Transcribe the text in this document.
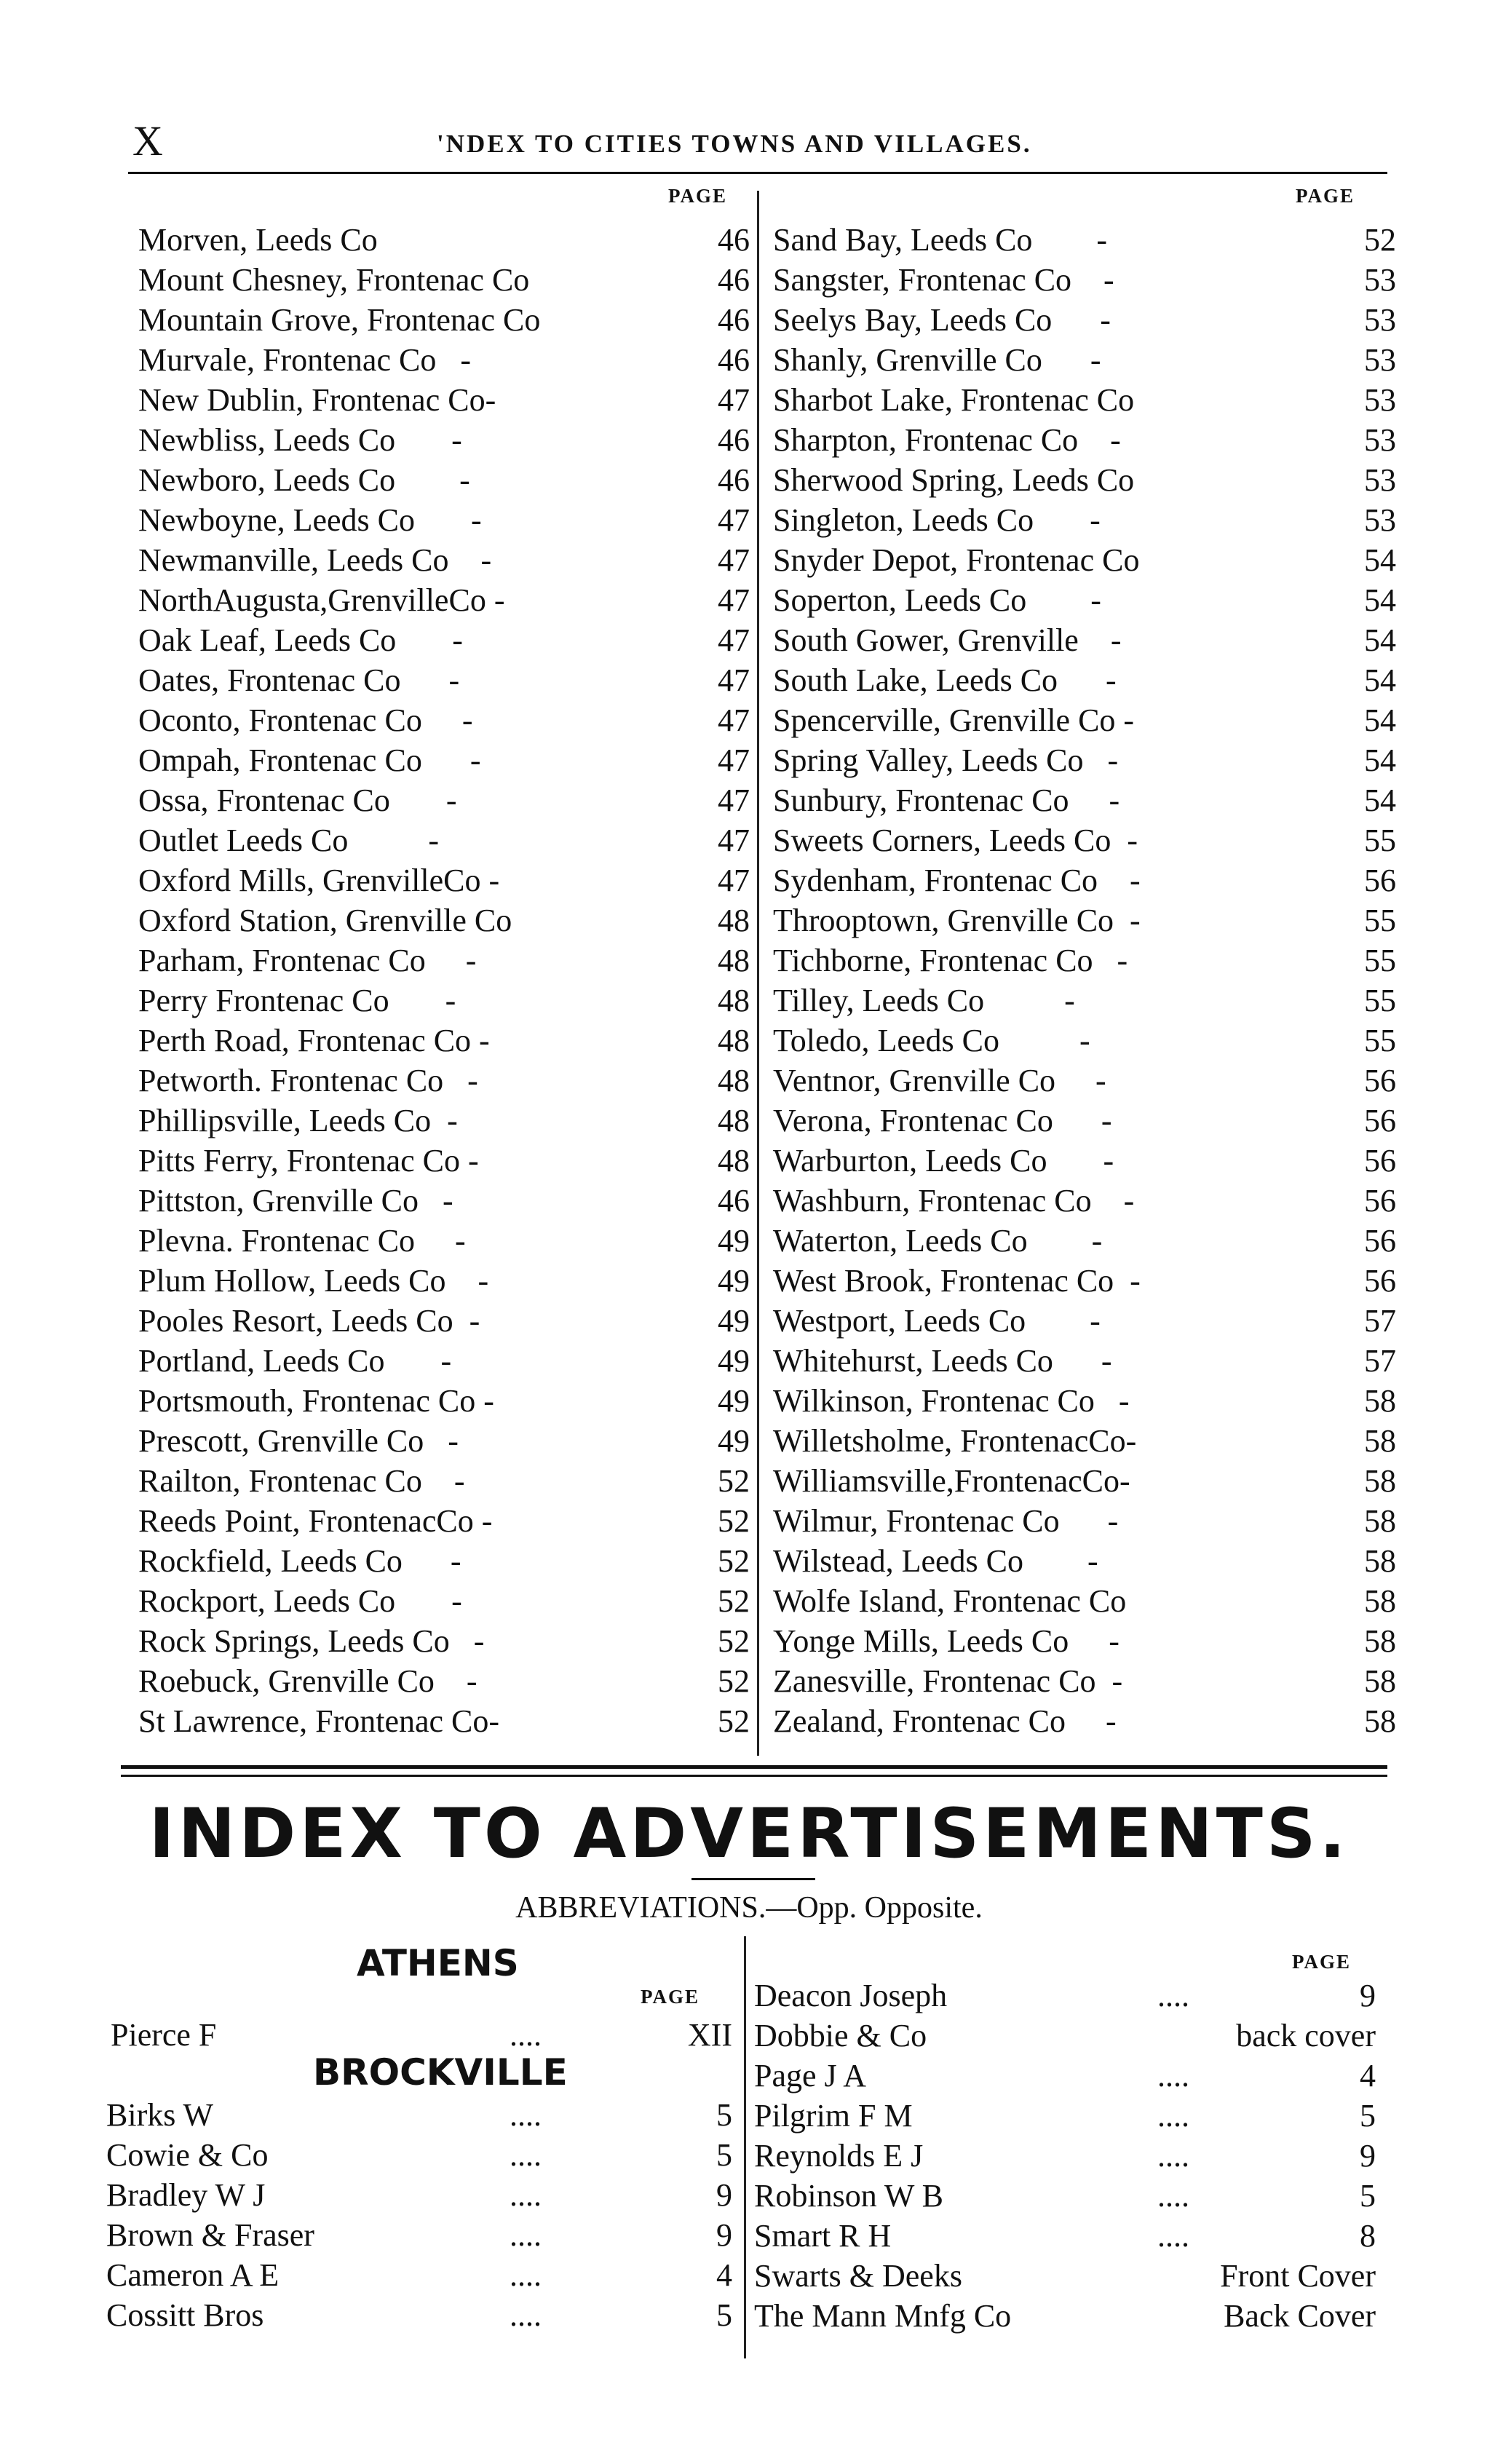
X	'NDEX TO CITIES TOWNS AND VILLAGES.
PAGE	PAGE
Morven, Leeds Co	46
Mount Chesney, Frontenac Co	46
Mountain Grove, Frontenac Co	46
Murvale, Frontenac Co   -	46
New Dublin, Frontenac Co-	47
Newbliss, Leeds Co       -	46
Newboro, Leeds Co        -	46
Newboyne, Leeds Co       -	47
Newmanville, Leeds Co    -	47
NorthAugusta,GrenvilleCo -	47
Oak Leaf, Leeds Co       -	47
Oates, Frontenac Co      -	47
Oconto, Frontenac Co     -	47
Ompah, Frontenac Co      -	47
Ossa, Frontenac Co       -	47
Outlet Leeds Co          -	47
Oxford Mills, GrenvilleCo -	47
Oxford Station, Grenville Co	48
Parham, Frontenac Co     -	48
Perry Frontenac Co       -	48
Perth Road, Frontenac Co -	48
Petworth. Frontenac Co   -	48
Phillipsville, Leeds Co  -	48
Pitts Ferry, Frontenac Co -	48
Pittston, Grenville Co   -	46
Plevna. Frontenac Co     -	49
Plum Hollow, Leeds Co    -	49
Pooles Resort, Leeds Co  -	49
Portland, Leeds Co       -	49
Portsmouth, Frontenac Co -	49
Prescott, Grenville Co   -	49
Railton, Frontenac Co    -	52
Reeds Point, FrontenacCo -	52
Rockfield, Leeds Co      -	52
Rockport, Leeds Co       -	52
Rock Springs, Leeds Co   -	52
Roebuck, Grenville Co    -	52
St Lawrence, Frontenac Co-	52
Sand Bay, Leeds Co        -	52
Sangster, Frontenac Co    -	53
Seelys Bay, Leeds Co      -	53
Shanly, Grenville Co      -	53
Sharbot Lake, Frontenac Co	53
Sharpton, Frontenac Co    -	53
Sherwood Spring, Leeds Co	53
Singleton, Leeds Co       -	53
Snyder Depot, Frontenac Co	54
Soperton, Leeds Co        -	54
South Gower, Grenville    -	54
South Lake, Leeds Co      -	54
Spencerville, Grenville Co -	54
Spring Valley, Leeds Co   -	54
Sunbury, Frontenac Co     -	54
Sweets Corners, Leeds Co  -	55
Sydenham, Frontenac Co    -	56
Throoptown, Grenville Co  -	55
Tichborne, Frontenac Co   -	55
Tilley, Leeds Co          -	55
Toledo, Leeds Co          -	55
Ventnor, Grenville Co     -	56
Verona, Frontenac Co      -	56
Warburton, Leeds Co       -	56
Washburn, Frontenac Co    -	56
Waterton, Leeds Co        -	56
West Brook, Frontenac Co  -	56
Westport, Leeds Co        -	57
Whitehurst, Leeds Co      -	57
Wilkinson, Frontenac Co   -	58
Willetsholme, FrontenacCo-	58
Williamsville,FrontenacCo-	58
Wilmur, Frontenac Co      -	58
Wilstead, Leeds Co        -	58
Wolfe Island, Frontenac Co	58
Yonge Mills, Leeds Co     -	58
Zanesville, Frontenac Co  -	58
Zealand, Frontenac Co     -	58
INDEX TO ADVERTISEMENTS.
ABBREVIATIONS.—Opp. Opposite.
PAGE
PAGE
ATHENS
BROCKVILLE
Pierce F	....	XII
Birks W	....	5
Cowie & Co	....	5
Bradley W J	....	9
Brown & Fraser	....	9
Cameron A E	....	4
Cossitt Bros	....	5
Deacon Joseph	....	9
Dobbie & Co	back cover
Page J A	....	4
Pilgrim F M	....	5
Reynolds E J	....	9
Robinson W B	....	5
Smart R H	....	8
Swarts & Deeks	Front Cover
The Mann Mnfg Co	Back Cover
